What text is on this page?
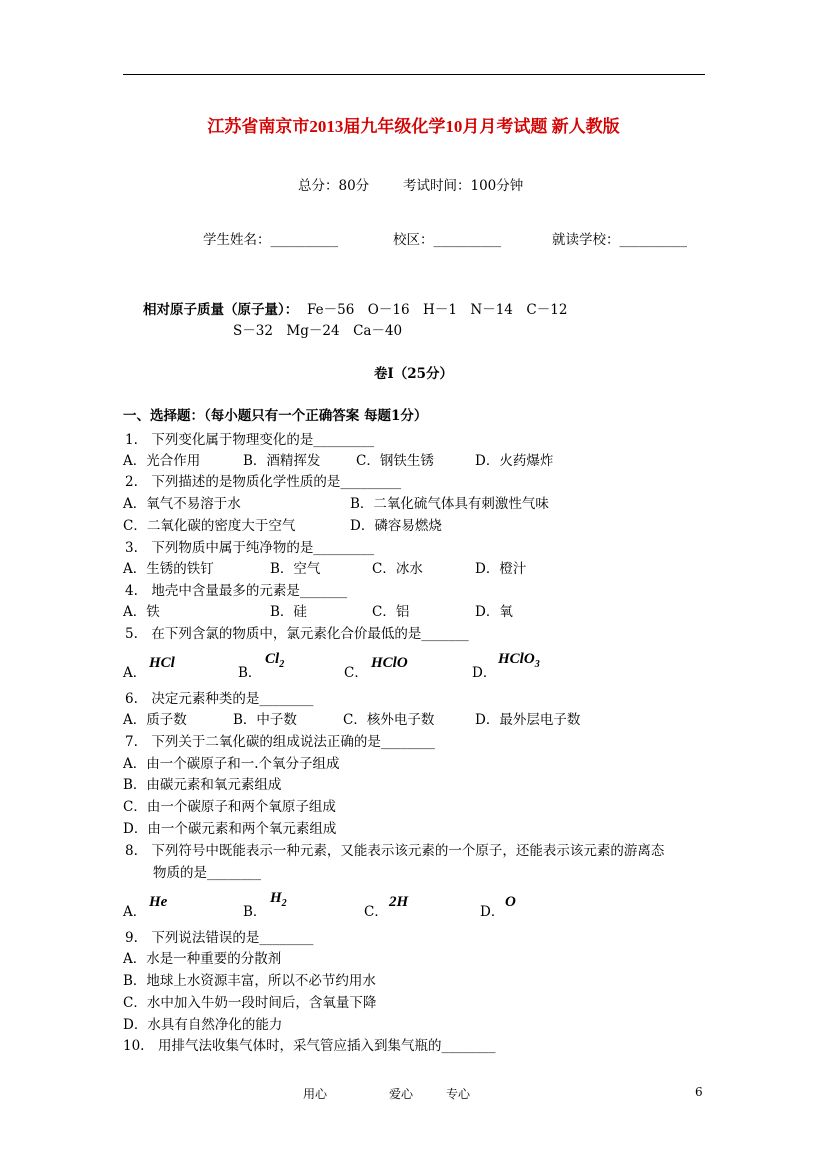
江苏省南京市2013届九年级化学10月月考试题 新人教版
总分：80分	考试时间：100分钟
学生姓名：__________	校区：__________	就读学校：__________
相对原子质量（原子量）： Fe－56　O－16　H－1　N－14　C－12
S－32　Mg－24　Ca－40
卷Ⅰ（25分）
一、选择题：（每小题只有一个正确答案 每题1分）
1.　下列变化属于物理变化的是_________
A．光合作用	B．酒精挥发	C．钢铁生锈	D．火药爆炸
2.　下列描述的是物质化学性质的是_________
A．氧气不易溶于水	B．二氧化硫气体具有刺激性气味
C．二氧化碳的密度大于空气	D．磷容易燃烧
3.　下列物质中属于纯净物的是_________
A．生锈的铁钉	B．空气	C．冰水	D．橙汁
4.　地壳中含量最多的元素是_______
A．铁	B．硅	C．铝	D．氧
5.　在下列含氯的物质中，氯元素化合价最低的是_______
A．
HCl
B．
$Cl_2$
C．
HClO
D．
HClO$_3$
6.　决定元素种类的是________
A．质子数	B．中子数	C．核外电子数	D．最外层电子数
7.　下列关于二氧化碳的组成说法正确的是________
A．由一个碳原子和一.个氧分子组成
B．由碳元素和氧元素组成
C．由一个碳原子和两个氧原子组成
D．由一个碳元素和两个氧元素组成
8.　下列符号中既能表示一种元素，又能表示该元素的一个原子，还能表示该元素的游离态
物质的是________
A．
He
B．
$H_2$
C．
2H
D．
O
9.　下列说法错误的是________
A．水是一种重要的分散剂
B．地球上水资源丰富，所以不必节约用水
C．水中加入牛奶一段时间后，含氧量下降
D．水具有自然净化的能力
10.　用排气法收集气体时，采气管应插入到集气瓶的________
用心	爱心	专心	6
